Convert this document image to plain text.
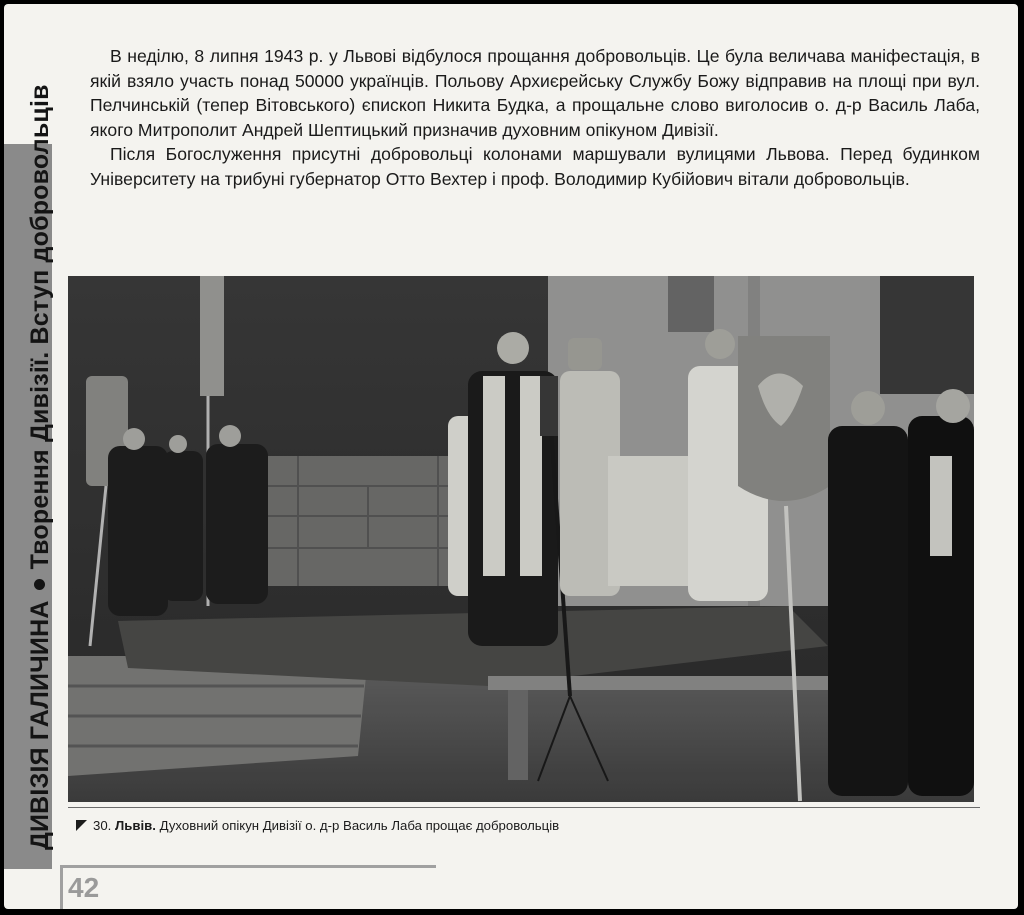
ДИВІЗІЯ ГАЛИЧИНАТворення Дивізії. Вступ добровольців

В неділю, 8 липня 1943 р. у Львові відбулося прощання добровольців. Це була величава маніфестація, в якій взяло участь понад 50000 українців. Польову Архиєрейську Службу Божу відправив на площі при вул. Пелчинській (тепер Вітовського) єпископ Никита Будка, а прощальне слово виголосив о. д-р Василь Лаба, якого Митрополит Андрей Шептицький призначив духовним опікуном Дивізії.

Після Богослуження присутні добровольці колонами маршували вулицями Львова. Перед будинком Університету на трибуні губернатор Отто Вехтер і проф. Володимир Кубійович вітали добровольців.

30. Львів. Духовний опікун Дивізії о. д-р Василь Лаба прощає добровольців
42
